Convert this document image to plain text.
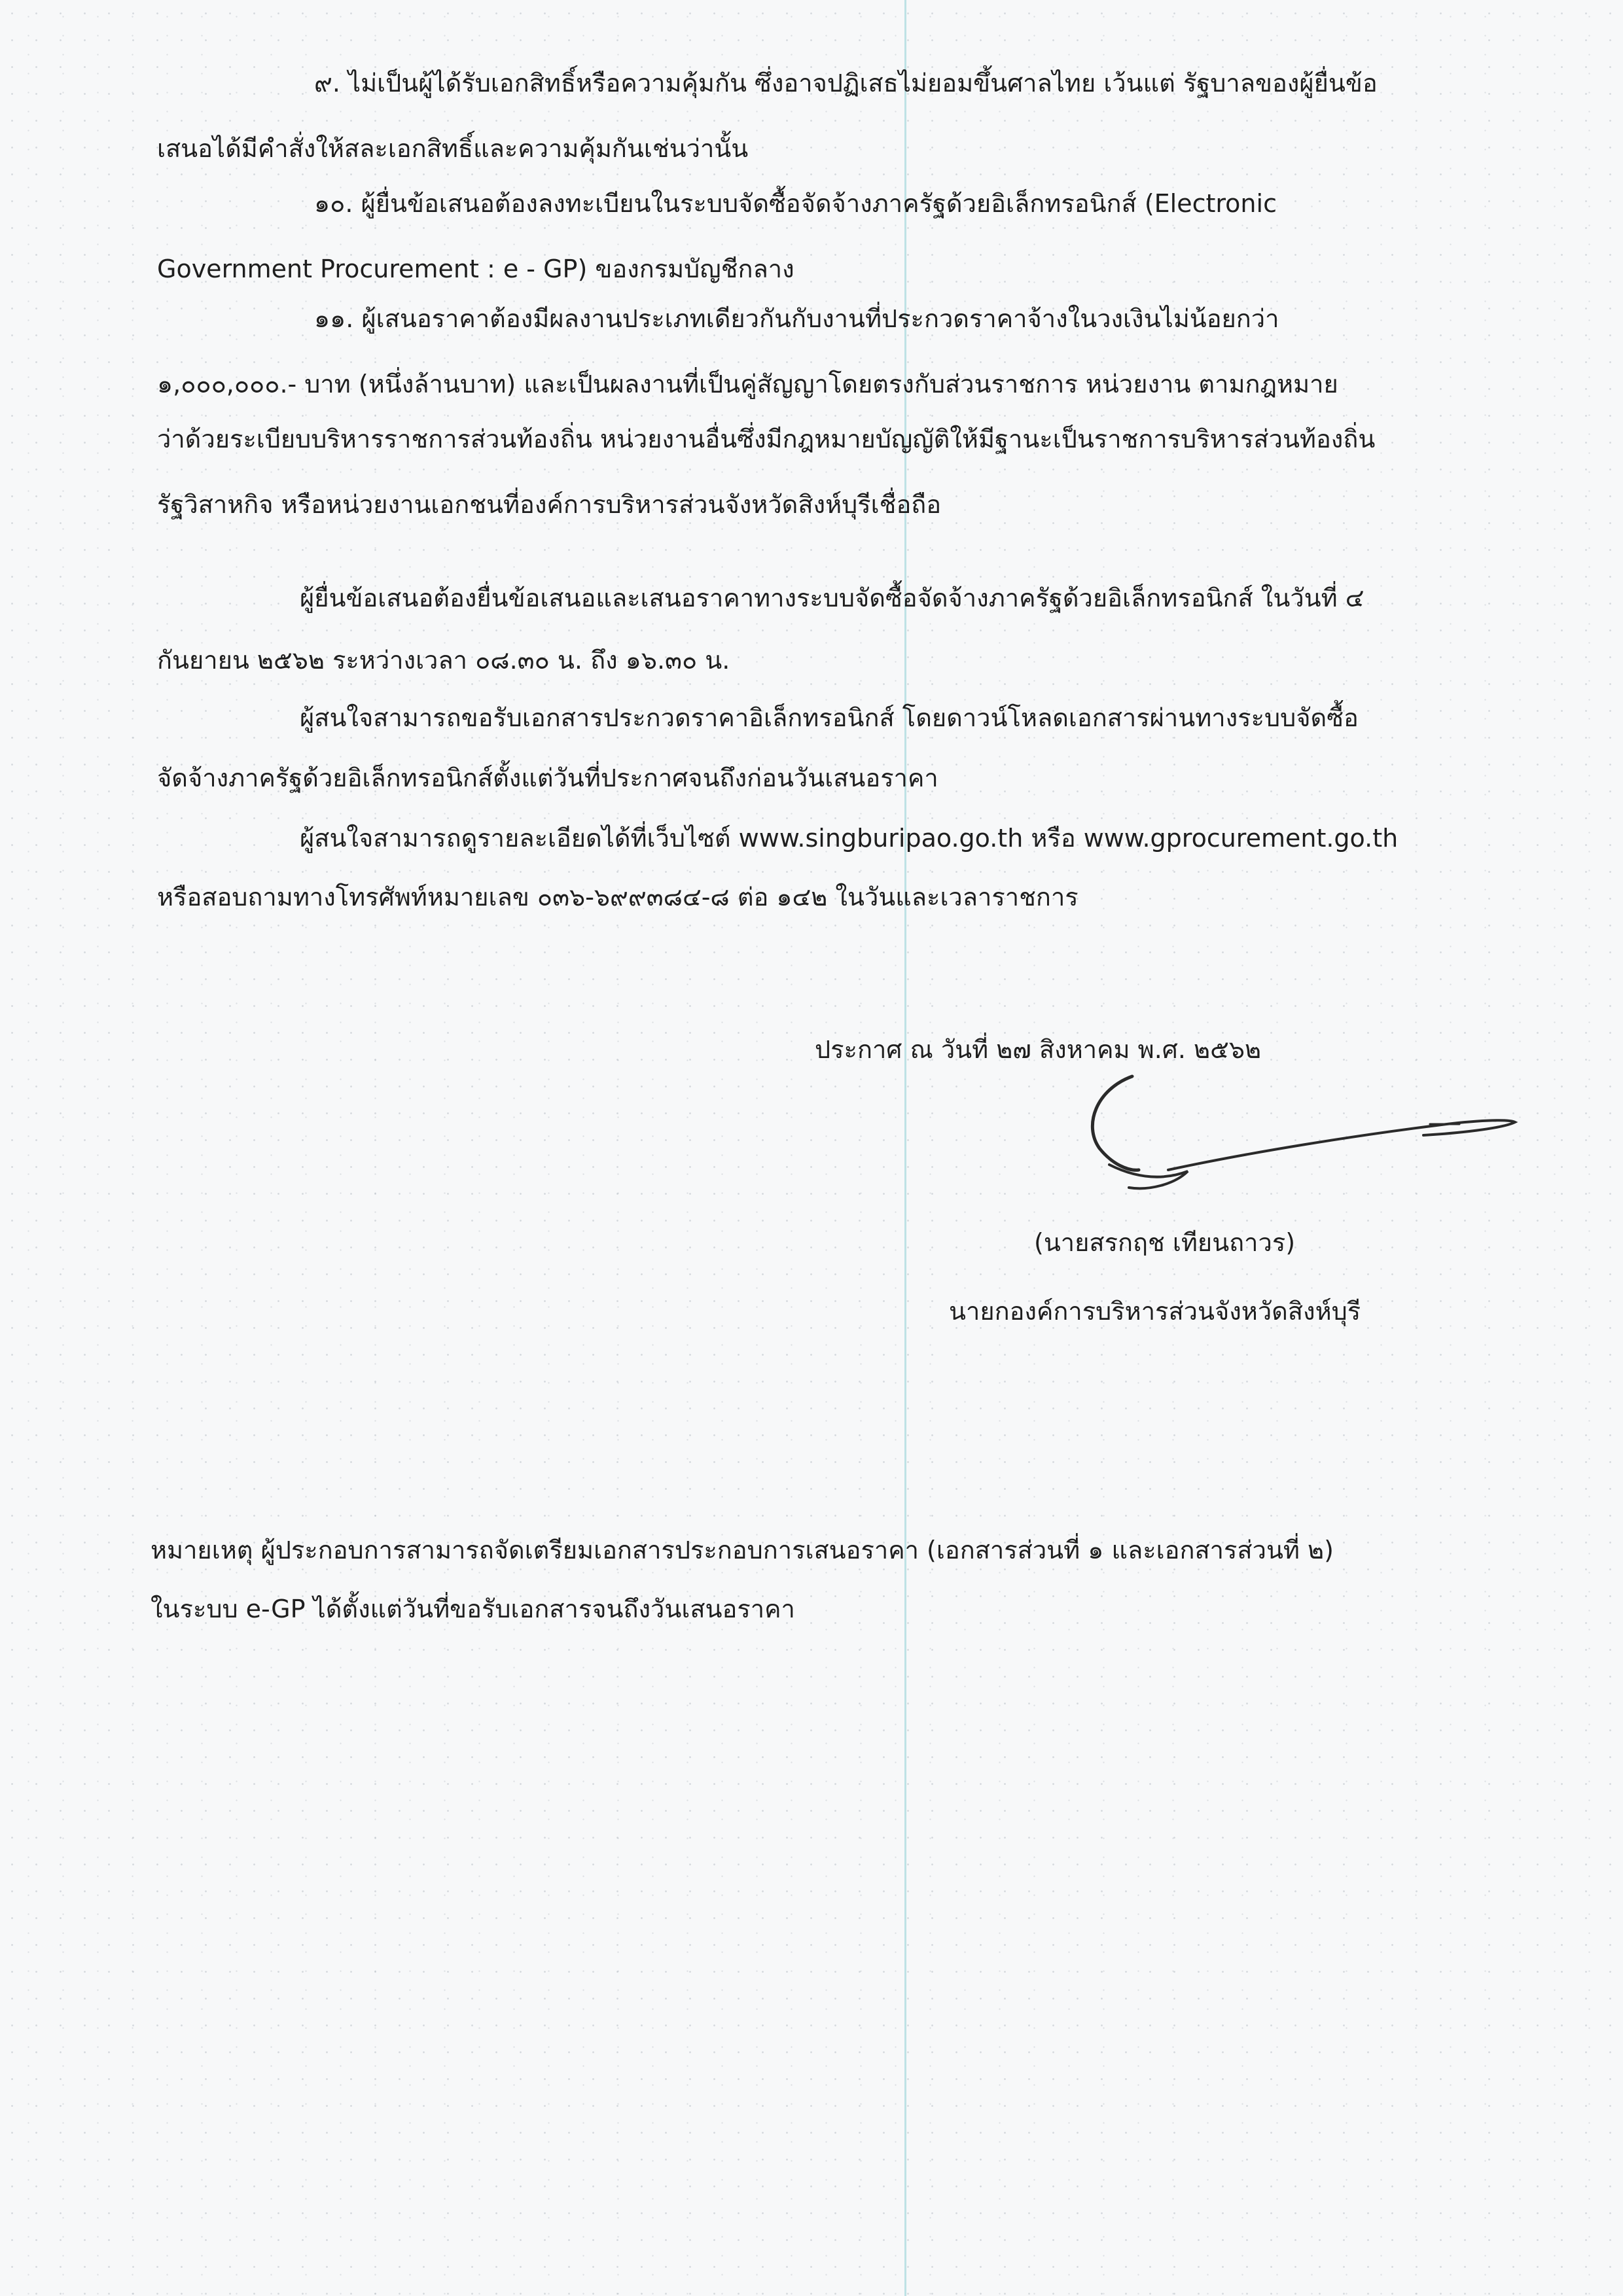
๙. ไม่เป็นผู้ได้รับเอกสิทธิ์หรือความคุ้มกัน ซึ่งอาจปฏิเสธไม่ยอมขึ้นศาลไทย เว้นแต่ รัฐบาลของผู้ยื่นข้อ

เสนอได้มีคำสั่งให้สละเอกสิทธิ์และความคุ้มกันเช่นว่านั้น

๑๐. ผู้ยื่นข้อเสนอต้องลงทะเบียนในระบบจัดซื้อจัดจ้างภาครัฐด้วยอิเล็กทรอนิกส์ (Electronic

Government Procurement : e - GP) ของกรมบัญชีกลาง

๑๑. ผู้เสนอราคาต้องมีผลงานประเภทเดียวกันกับงานที่ประกวดราคาจ้างในวงเงินไม่น้อยกว่า

๑,๐๐๐,๐๐๐.- บาท (หนึ่งล้านบาท) และเป็นผลงานที่เป็นคู่สัญญาโดยตรงกับส่วนราชการ หน่วยงาน ตามกฎหมาย

ว่าด้วยระเบียบบริหารราชการส่วนท้องถิ่น หน่วยงานอื่นซึ่งมีกฎหมายบัญญัติให้มีฐานะเป็นราชการบริหารส่วนท้องถิ่น

รัฐวิสาหกิจ หรือหน่วยงานเอกชนที่องค์การบริหารส่วนจังหวัดสิงห์บุรีเชื่อถือ

ผู้ยื่นข้อเสนอต้องยื่นข้อเสนอและเสนอราคาทางระบบจัดซื้อจัดจ้างภาครัฐด้วยอิเล็กทรอนิกส์ ในวันที่ ๔

กันยายน ๒๕๖๒ ระหว่างเวลา ๐๘.๓๐ น. ถึง ๑๖.๓๐ น.

ผู้สนใจสามารถขอรับเอกสารประกวดราคาอิเล็กทรอนิกส์ โดยดาวน์โหลดเอกสารผ่านทางระบบจัดซื้อ

จัดจ้างภาครัฐด้วยอิเล็กทรอนิกส์ตั้งแต่วันที่ประกาศจนถึงก่อนวันเสนอราคา

ผู้สนใจสามารถดูรายละเอียดได้ที่เว็บไซต์ www.singburipao.go.th หรือ www.gprocurement.go.th

หรือสอบถามทางโทรศัพท์หมายเลข ๐๓๖-๖๙๙๓๘๔-๘ ต่อ ๑๔๒ ในวันและเวลาราชการ

ประกาศ ณ วันที่ ๒๗ สิงหาคม พ.ศ. ๒๕๖๒

(นายสรกฤช เทียนถาวร)

นายกองค์การบริหารส่วนจังหวัดสิงห์บุรี

หมายเหตุ ผู้ประกอบการสามารถจัดเตรียมเอกสารประกอบการเสนอราคา (เอกสารส่วนที่ ๑ และเอกสารส่วนที่ ๒)

ในระบบ e-GP ได้ตั้งแต่วันที่ขอรับเอกสารจนถึงวันเสนอราคา
